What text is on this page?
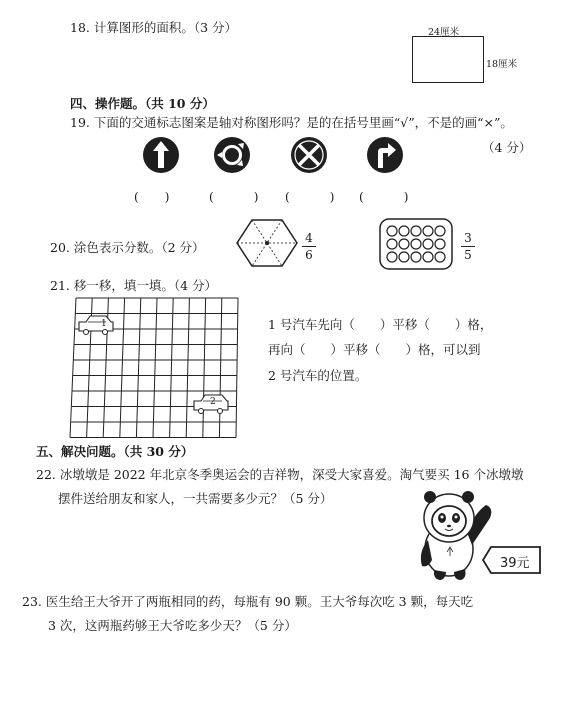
18. 计算图形的面积。（3 分）	24厘米
18厘米
四、操作题。（共 10 分）
19. 下面的交通标志图案是轴对称图形吗？是的在括号里画“√”，不是的画“×”。
（4 分）
( )	(	) (	) (	)
20. 涂色表示分数。（2 分）
4
6
3
5
21. 移一移，填一填。（4 分）
1
2
1 号汽车先向（　　）平移（　　）格，
再向（　　）平移（　　）格，可以到
2 号汽车的位置。
五、解决问题。（共 30 分）
22. 冰墩墩是 2022 年北京冬季奥运会的吉祥物，深受大家喜爱。淘气要买 16 个冰墩墩
摆件送给朋友和家人，一共需要多少元？（5 分）
39元
23. 医生给王大爷开了两瓶相同的药，每瓶有 90 颗。王大爷每次吃 3 颗，每天吃
3 次，这两瓶药够王大爷吃多少天？（5 分）
